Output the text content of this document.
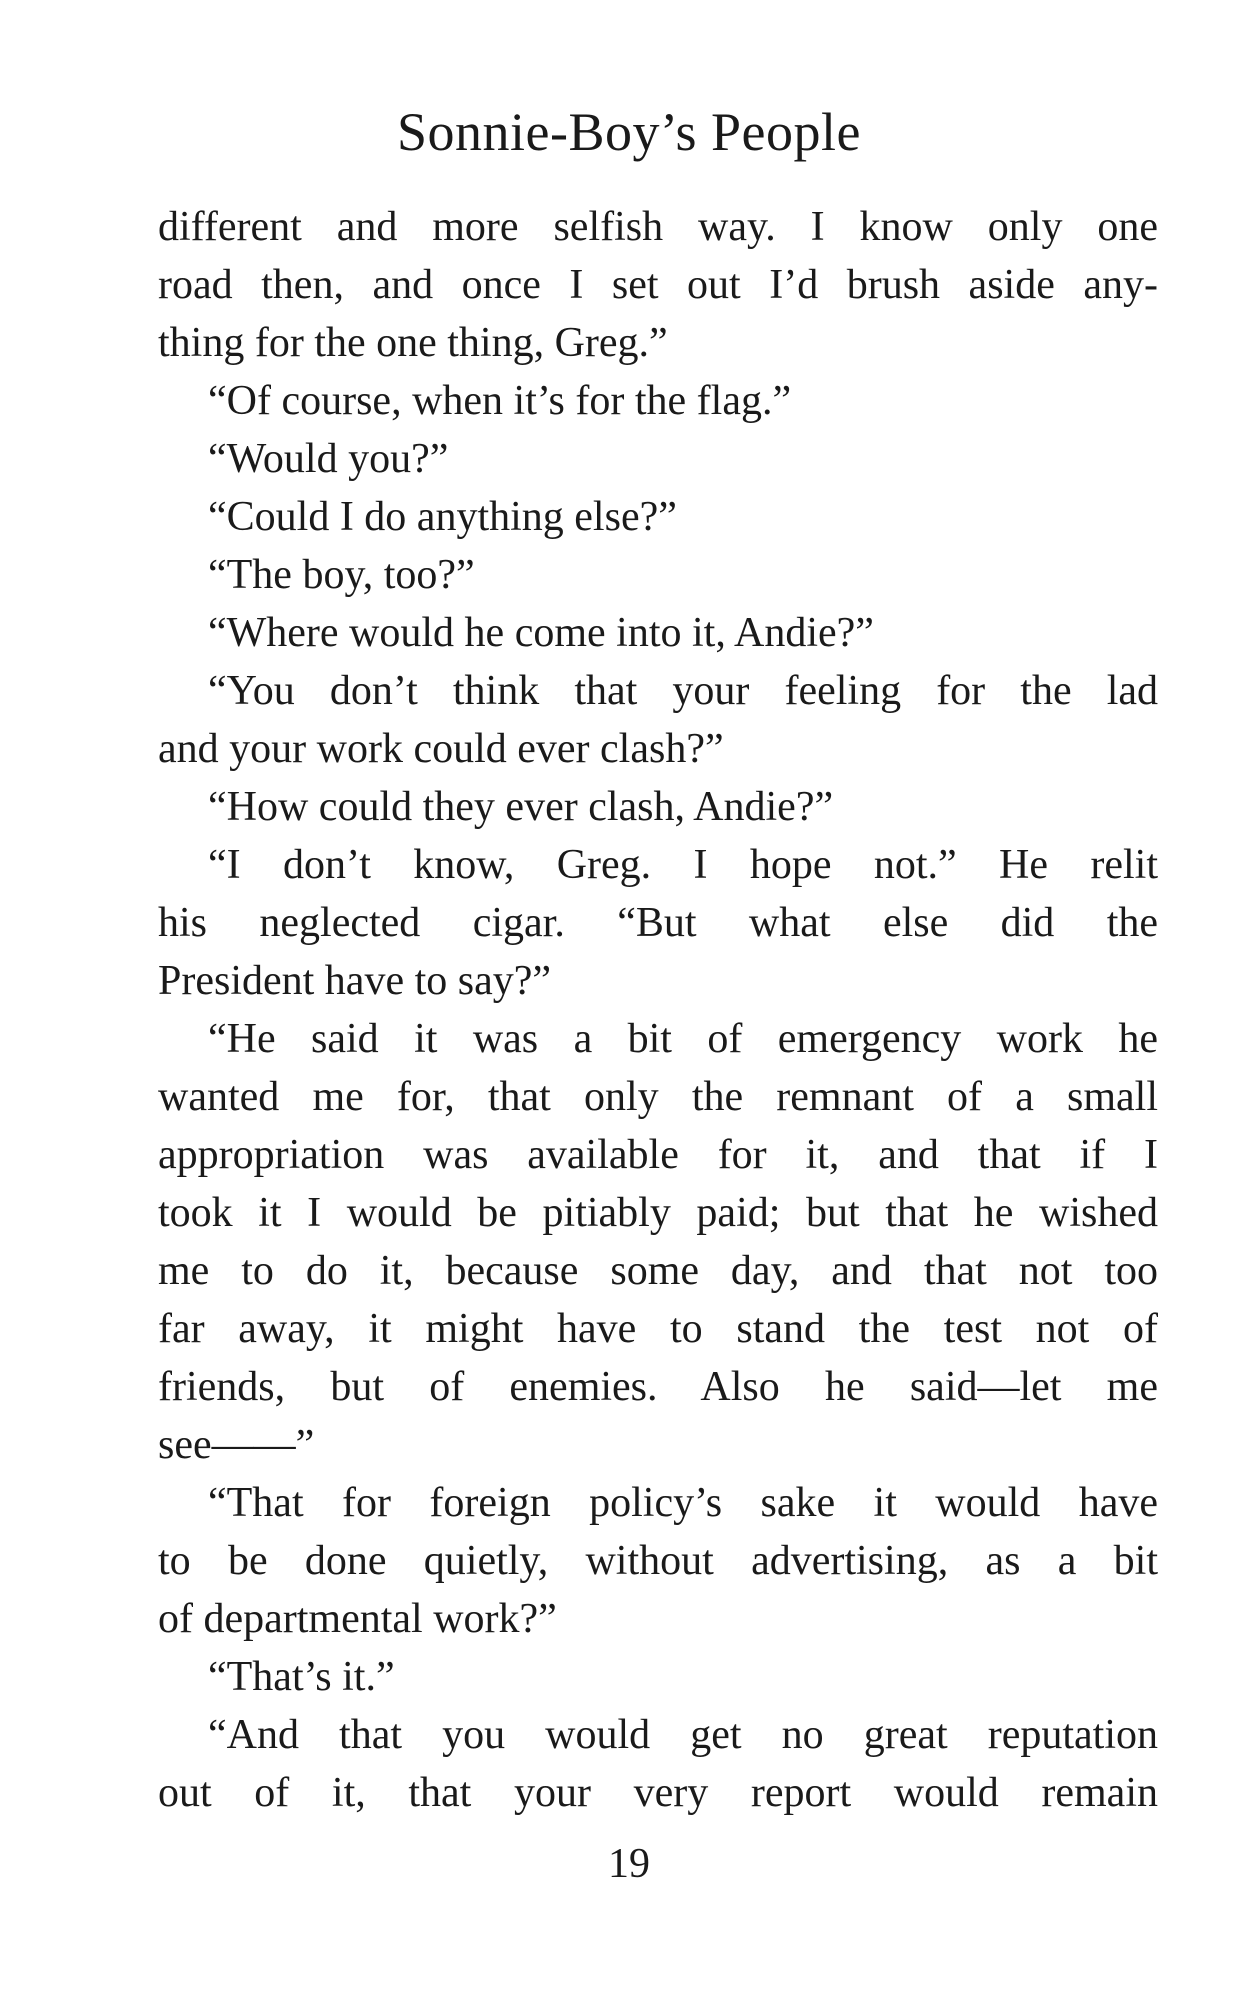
Sonnie-Boy’s People
different and more selfish way. I know only one
road then, and once I set out I’d brush aside any-
thing for the one thing, Greg.”
“Of course, when it’s for the flag.”
“Would you?”
“Could I do anything else?”
“The boy, too?”
“Where would he come into it, Andie?”
“You don’t think that your feeling for the lad
and your work could ever clash?”
“How could they ever clash, Andie?”
“I don’t know, Greg. I hope not.” He relit
his neglected cigar. “But what else did the
President have to say?”
“He said it was a bit of emergency work he
wanted me for, that only the remnant of a small
appropriation was available for it, and that if I
took it I would be pitiably paid; but that he wished
me to do it, because some day, and that not too
far away, it might have to stand the test not of
friends, but of enemies. Also he said—let me
see——”
“That for foreign policy’s sake it would have
to be done quietly, without advertising, as a bit
of departmental work?”
“That’s it.”
“And that you would get no great reputation
out of it, that your very report would remain
19
